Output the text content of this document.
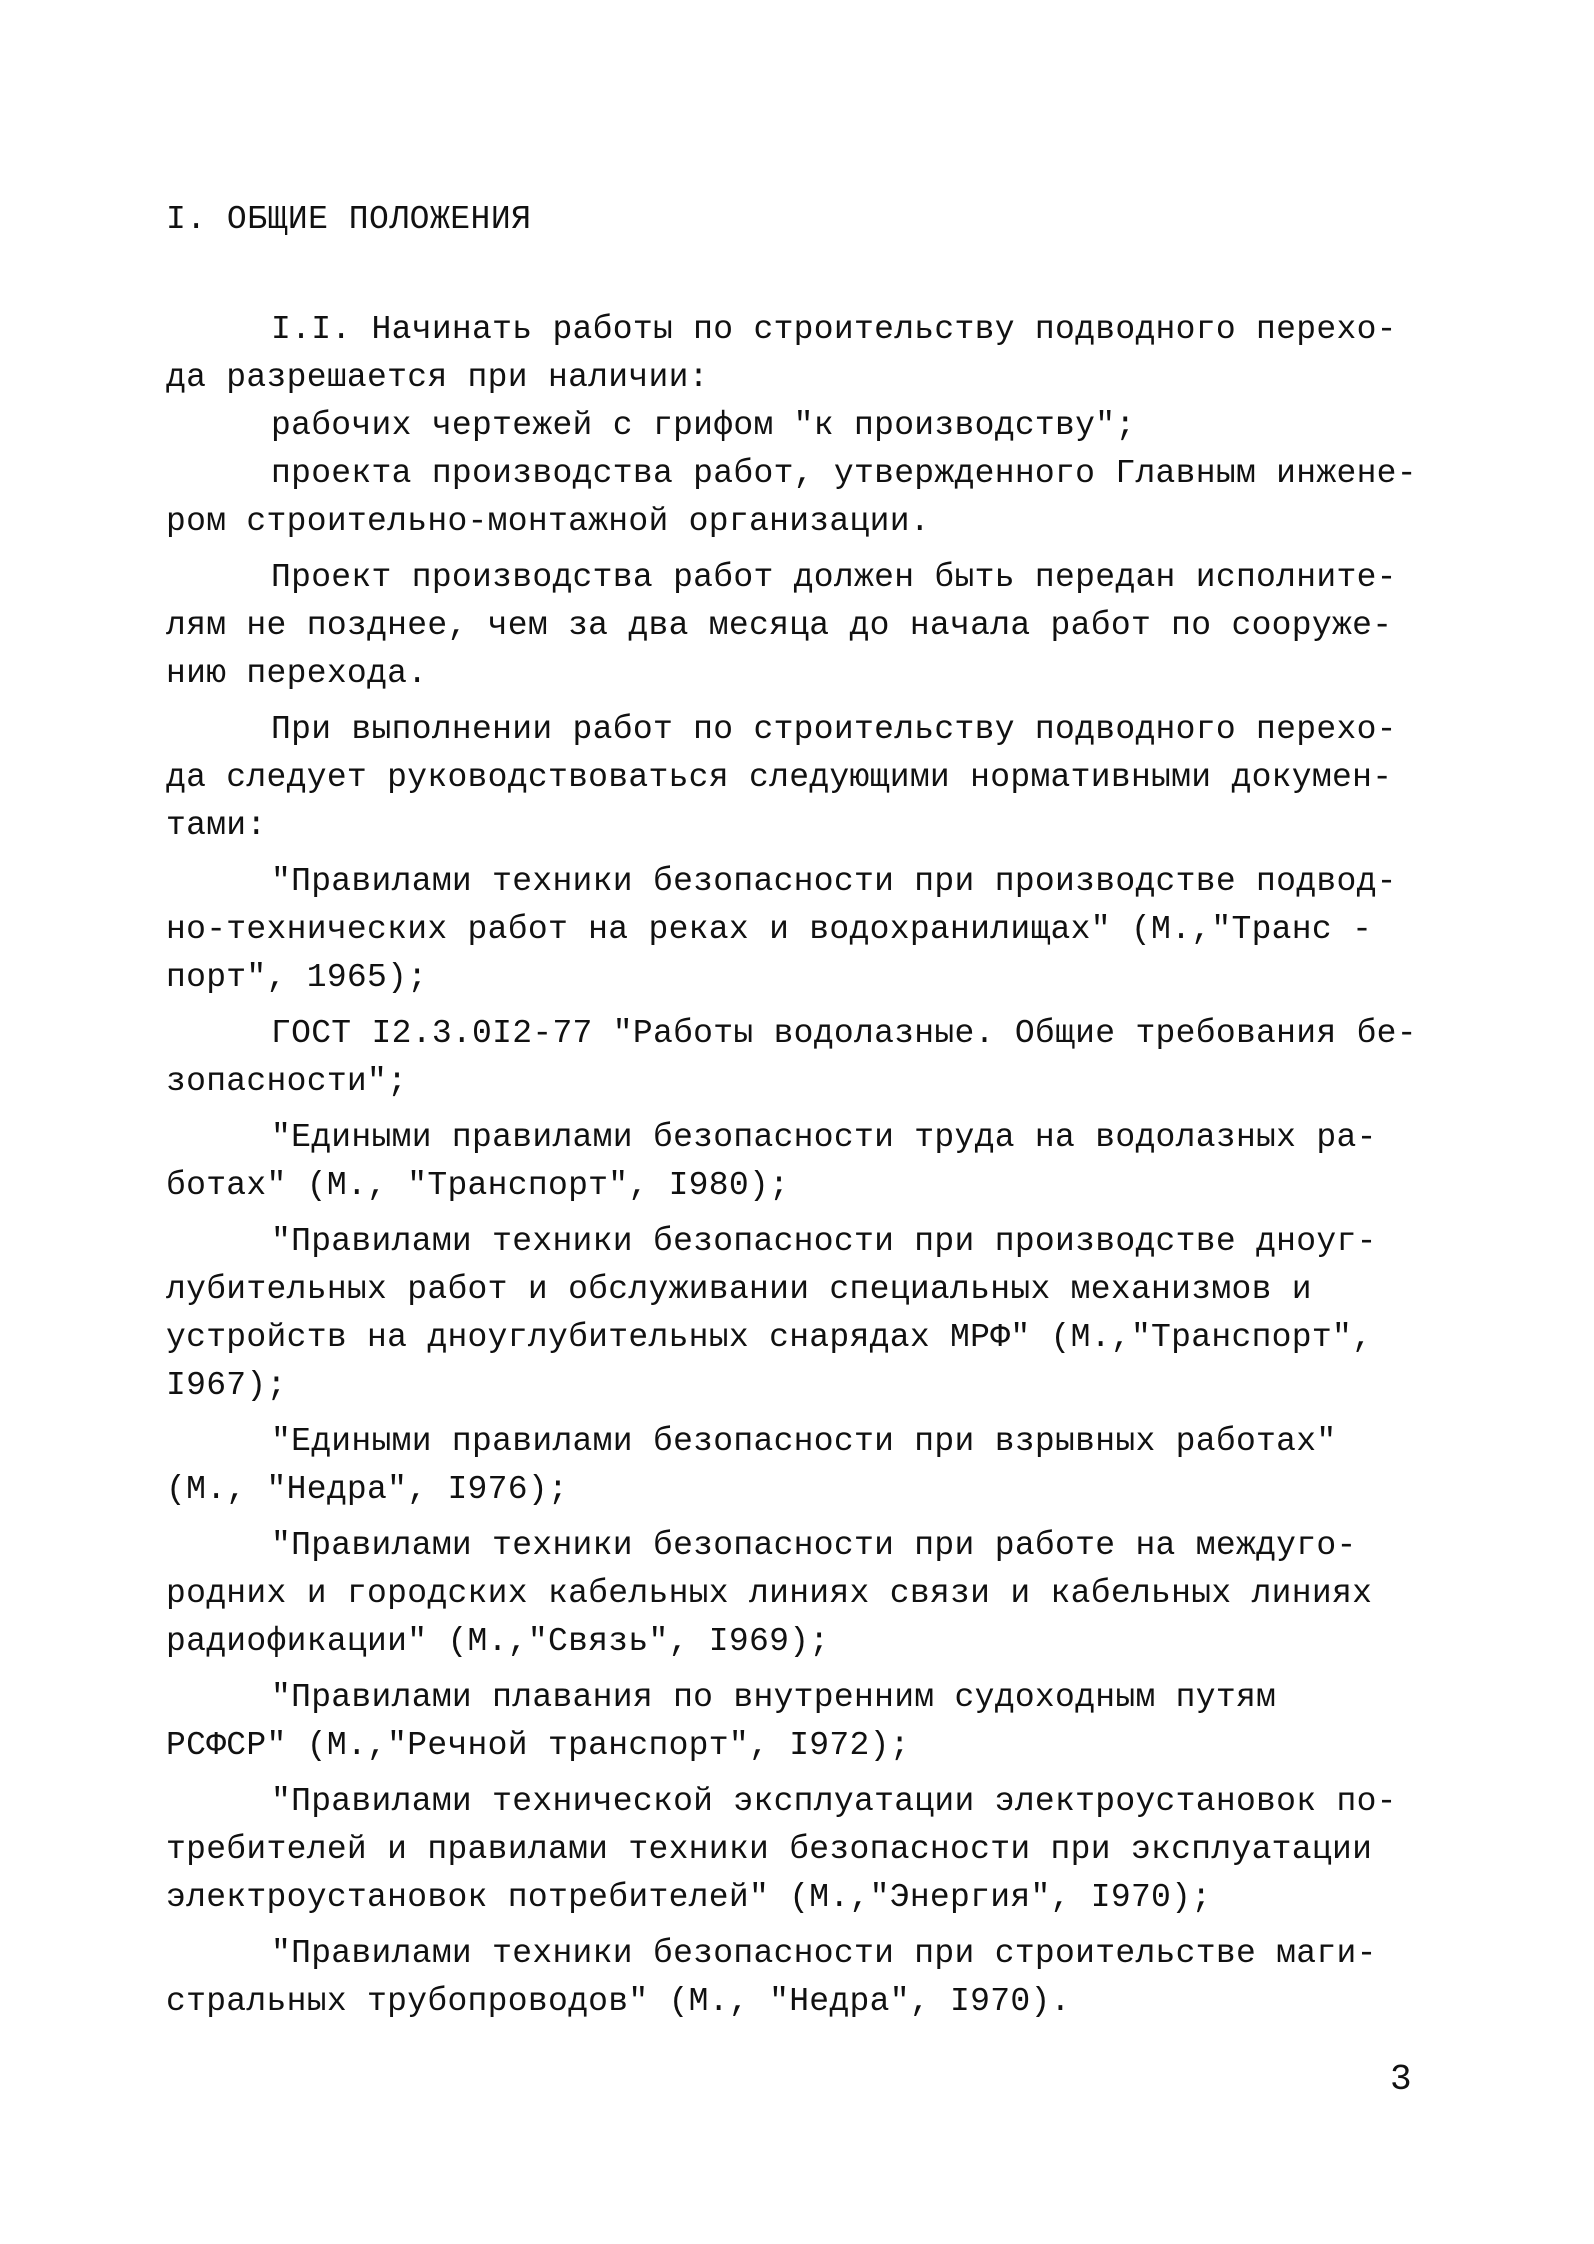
I. ОБЩИЕ ПОЛОЖЕНИЯ
I.I. Начинать работы по строительству подводного перехо-
да разрешается при наличии:
рабочих чертежей с грифом "к производству";
проекта производства работ, утвержденного Главным инжене-
ром строительно-монтажной организации.
Проект производства работ должен быть передан исполните-
лям не позднее, чем за два месяца до начала работ по сооруже-
нию перехода.
При выполнении работ по строительству подводного перехо-
да следует руководствоваться следующими нормативными докумен-
тами:
"Правилами техники безопасности при производстве подвод-
но-технических работ на реках и водохранилищах" (М.,"Транс -
порт", 1965);
ГОСТ I2.3.0I2-77 "Работы водолазные. Общие требования бе-
зопасности";
"Едиными правилами безопасности труда на водолазных ра-
ботах" (М., "Транспорт", I980);
"Правилами техники безопасности при производстве дноуг-
лубительных работ и обслуживании специальных механизмов и
устройств на дноуглубительных снарядах МРФ" (М.,"Транспорт",
I967);
"Едиными правилами безопасности при взрывных работах"
(М., "Недра", I976);
"Правилами техники безопасности при работе на междуго-
родних и городских кабельных линиях связи и кабельных линиях
радиофикации" (М.,"Связь", I969);
"Правилами плавания по внутренним судоходным путям
РСФСР" (М.,"Речной транспорт", I972);
"Правилами технической эксплуатации электроустановок по-
требителей и правилами техники безопасности при эксплуатации
электроустановок потребителей" (М.,"Энергия", I970);
"Правилами техники безопасности при строительстве маги-
стральных трубопроводов" (М., "Недра", I970).
3
